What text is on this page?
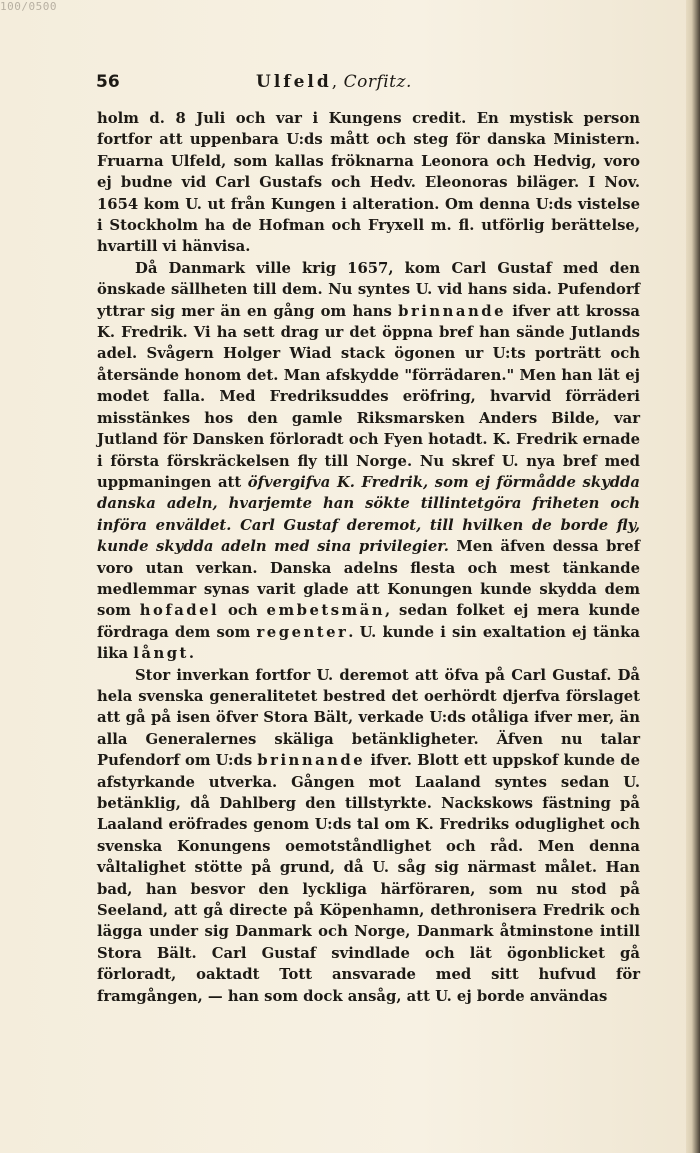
100/0500
56	Ulfeld, Corfitz.

holm d. 8 Juli och var i Kungens credit. En mystisk person fortfor att uppenbara U:ds mått och steg för danska Ministern. Fruarna Ulfeld, som kallas fröknarna Leonora och Hedvig, voro ej budne vid Carl Gustafs och Hedv. Eleonoras biläger. I Nov. 1654 kom U. ut från Kungen i alteration. Om denna U:ds vistelse i Stockholm ha de Hofman och Fryxell m. fl. utförlig berättelse, hvartill vi hänvisa.

Då Danmark ville krig 1657, kom Carl Gustaf med den önskade sällheten till dem. Nu syntes U. vid hans sida. Pufendorf yttrar sig mer än en gång om hans brinnande ifver att krossa K. Fredrik. Vi ha sett drag ur det öppna bref han sände Jutlands adel. Svågern Holger Wiad stack ögonen ur U:ts porträtt och återsände honom det. Man afskydde "förrädaren." Men han lät ej modet falla. Med Fredriksuddes eröfring, hvarvid förräderi misstänkes hos den gamle Riksmarsken Anders Bilde, var Jutland för Dansken förloradt och Fyen hotadt. K. Fredrik ernade i första förskräckelsen fly till Norge. Nu skref U. nya bref med uppmaningen att öfvergifva K. Fredrik, som ej förmådde skydda danska adeln, hvarjemte han sökte tillintetgöra friheten och införa enväldet. Carl Gustaf deremot, till hvilken de borde fly, kunde skydda adeln med sina privilegier. Men äfven dessa bref voro utan verkan. Danska adelns flesta och mest tänkande medlemmar synas varit glade att Konungen kunde skydda dem som hofadel och embetsmän, sedan folket ej mera kunde fördraga dem som regenter. U. kunde i sin exaltation ej tänka lika långt.

Stor inverkan fortfor U. deremot att öfva på Carl Gustaf. Då hela svenska generalitetet bestred det oerhördt djerfva förslaget att gå på isen öfver Stora Bält, verkade U:ds otåliga ifver mer, än alla Generalernes skäliga betänkligheter. Äfven nu talar Pufendorf om U:ds brinnande ifver. Blott ett uppskof kunde de afstyrkande utverka. Gången mot Laaland syntes sedan U. betänklig, då Dahlberg den tillstyrkte. Nackskows fästning på Laaland eröfrades genom U:ds tal om K. Fredriks oduglighet och svenska Konungens oemotståndlighet och råd. Men denna våltalighet stötte på grund, då U. såg sig närmast målet. Han bad, han besvor den lyckliga härföraren, som nu stod på Seeland, att gå directe på Köpenhamn, dethronisera Fredrik och lägga under sig Danmark och Norge, Danmark åtminstone intill Stora Bält. Carl Gustaf svindlade och lät ögonblicket gå förloradt, oaktadt Tott ansvarade med sitt hufvud för framgången, — han som dock ansåg, att U. ej borde användas
